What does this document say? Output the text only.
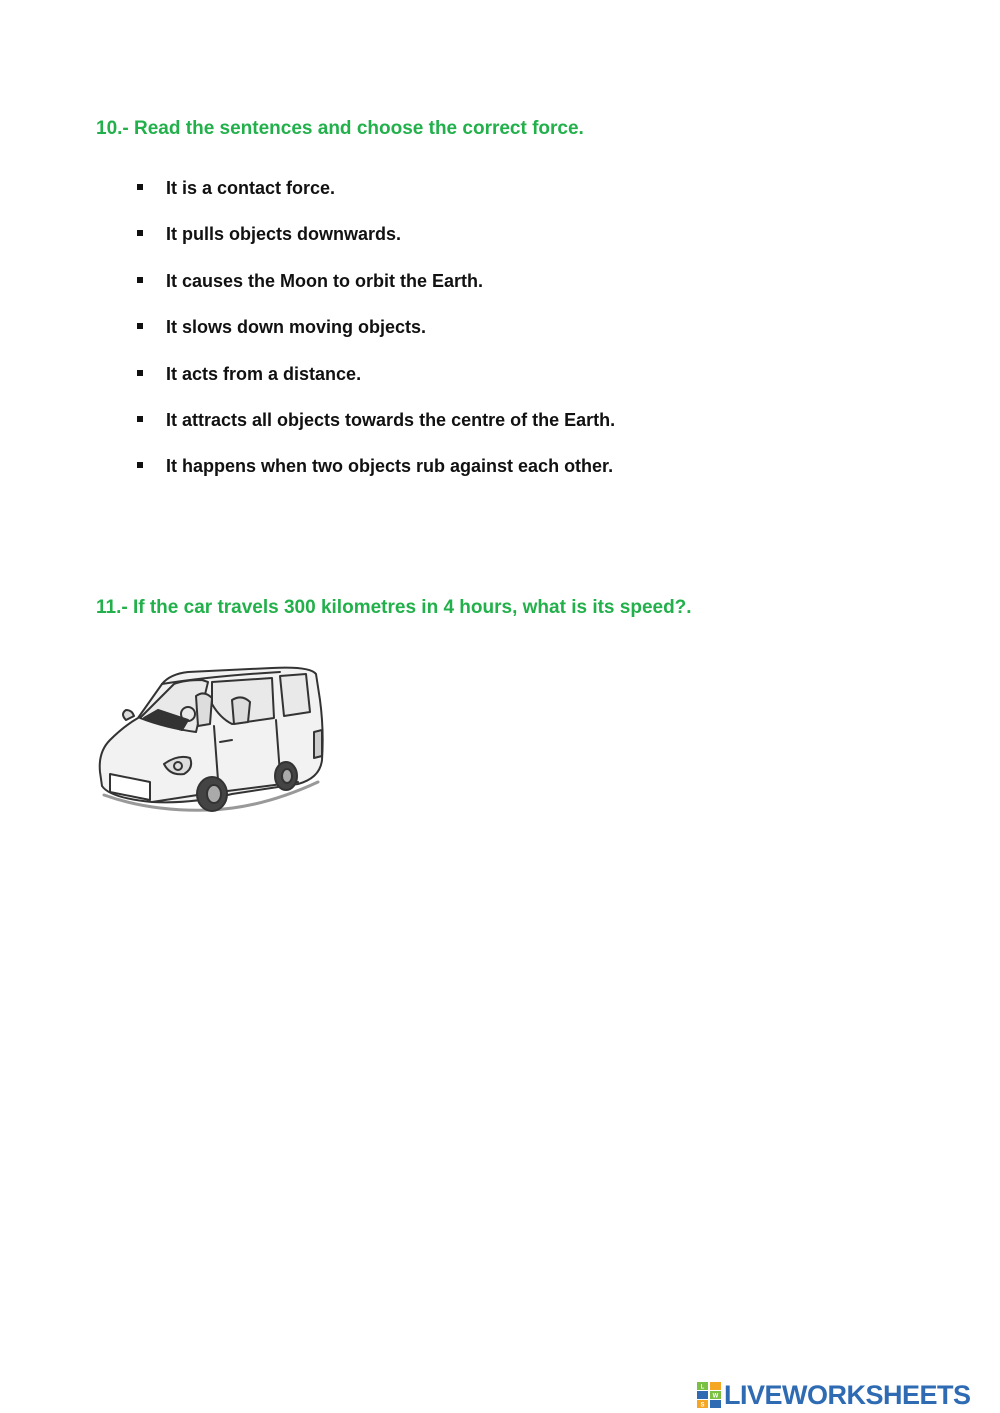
10.- Read the sentences and choose the correct force.
It is a contact force.
It pulls objects downwards.
It causes the Moon to orbit the Earth.
It slows down moving objects.
It acts from a distance.
It attracts all objects towards the centre of the Earth.
It happens when two objects rub against each other.
11.- If the car travels 300 kilometres in 4 hours, what is its speed?.
L
W
S LIVEWORKSHEETS
